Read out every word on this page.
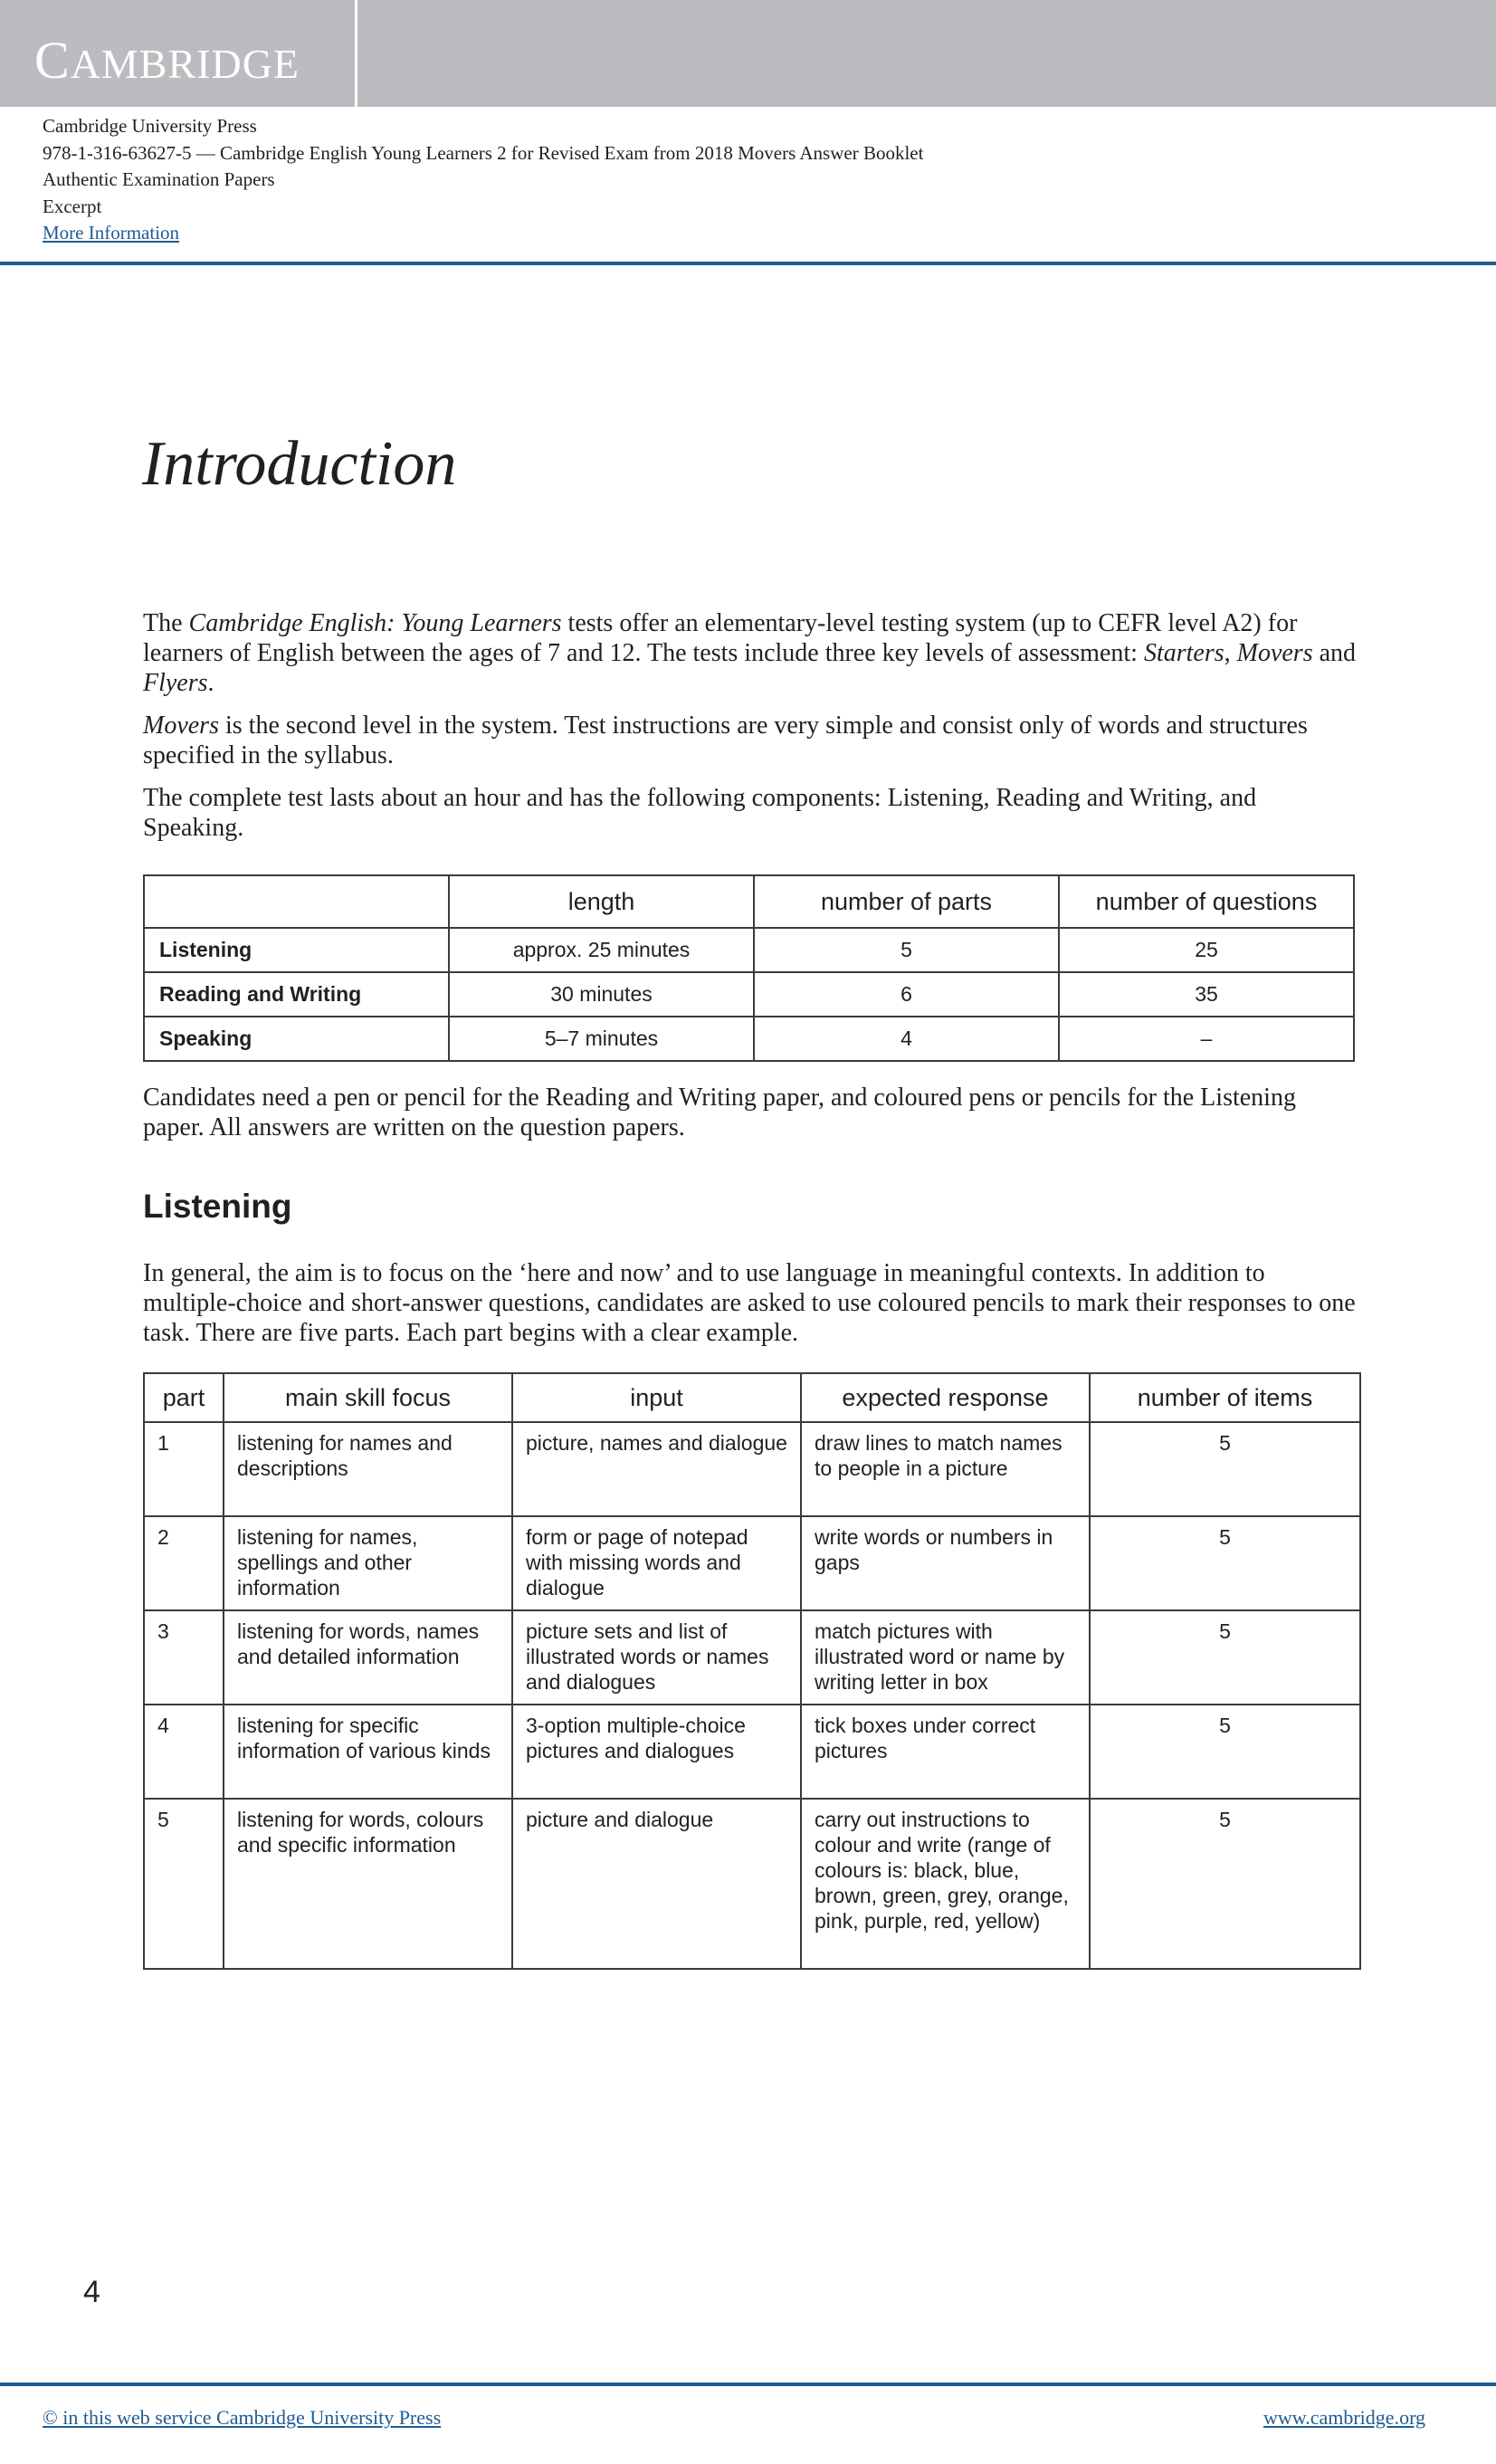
CAMBRIDGE
Cambridge University Press
978-1-316-63627-5 — Cambridge English Young Learners 2 for Revised Exam from 2018 Movers Answer Booklet
Authentic Examination Papers
Excerpt
More Information
Introduction

The Cambridge English: Young Learners tests offer an elementary-level testing system (up to CEFR level A2) for learners of English between the ages of 7 and 12. The tests include three key levels of assessment: Starters, Movers and Flyers.

Movers is the second level in the system. Test instructions are very simple and consist only of words and structures specified in the syllabus.

The complete test lasts about an hour and has the following components: Listening, Reading and Writing, and Speaking.

	length	number of parts	number of questions
Listening	approx. 25 minutes	5	25
Reading and Writing	30 minutes	6	35
Speaking	5–7 minutes	4	–

Candidates need a pen or pencil for the Reading and Writing paper, and coloured pens or pencils for the Listening paper. All answers are written on the question papers.

Listening

In general, the aim is to focus on the ‘here and now’ and to use language in meaningful contexts. In addition to multiple-choice and short-answer questions, candidates are asked to use coloured pencils to mark their responses to one task. There are five parts. Each part begins with a clear example.

part	main skill focus	input	expected response	number of items
1	listening for names and descriptions	picture, names and dialogue	draw lines to match names to people in a picture	5
2	listening for names, spellings and other information	form or page of notepad with missing words and dialogue	write words or numbers in gaps	5
3	listening for words, names and detailed information	picture sets and list of illustrated words or names and dialogues	match pictures with illustrated word or name by writing letter in box	5
4	listening for specific information of various kinds	3-option multiple-choice pictures and dialogues	tick boxes under correct pictures	5
5	listening for words, colours and specific information	picture and dialogue	carry out instructions to colour and write (range of colours is: black, blue, brown, green, grey, orange, pink, purple, red, yellow)	5
4
© in this web service Cambridge University Press	www.cambridge.org
